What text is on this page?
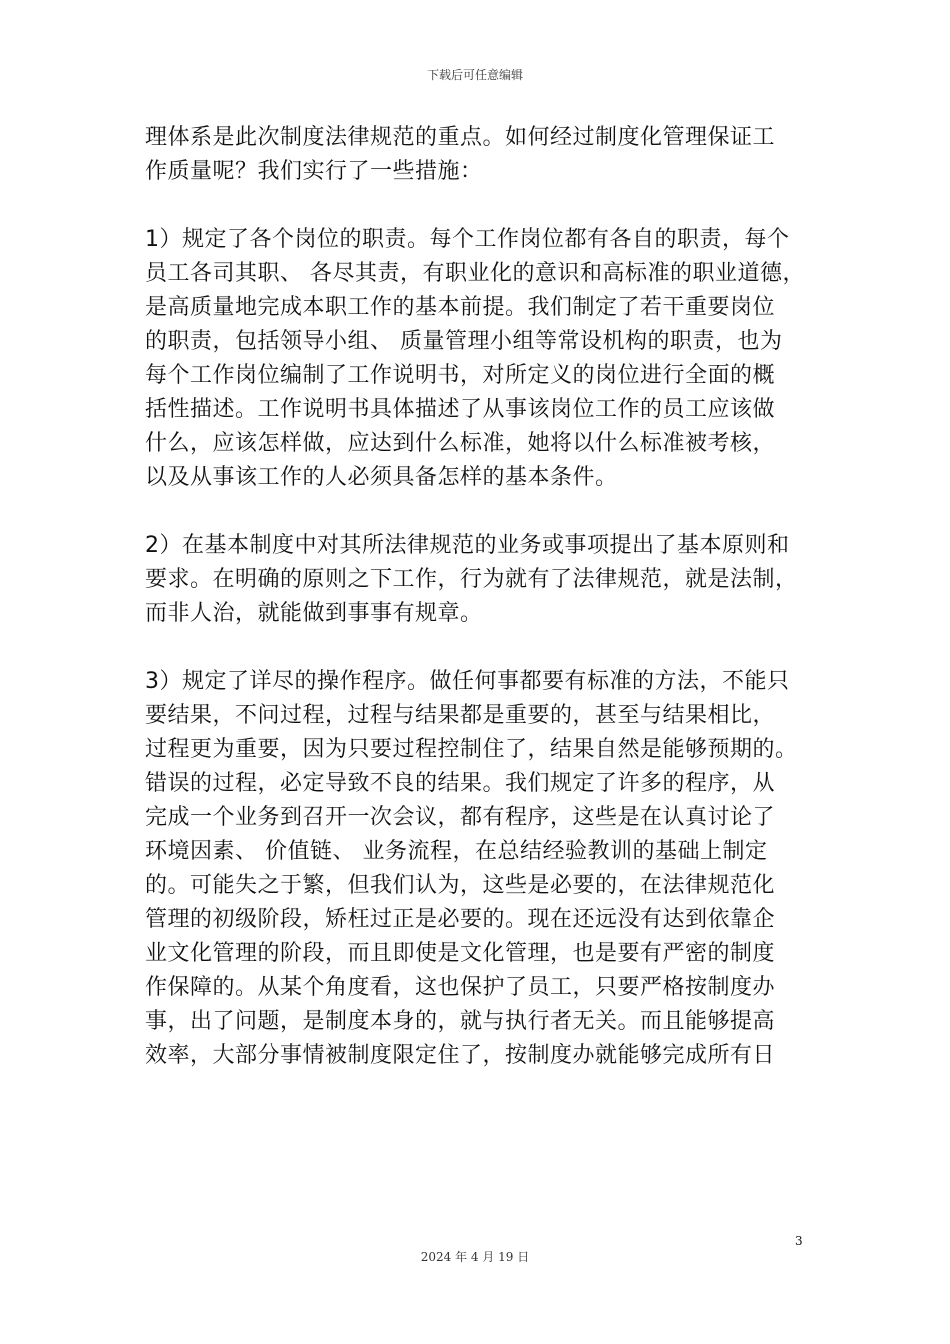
下载后可任意编辑
理体系是此次制度法律规范的重点。如何经过制度化管理保证工
作质量呢？我们实行了一些措施：
1）规定了各个岗位的职责。每个工作岗位都有各自的职责，每个
员工各司其职、 各尽其责，有职业化的意识和高标准的职业道德，
是高质量地完成本职工作的基本前提。我们制定了若干重要岗位
的职责，包括领导小组、 质量管理小组等常设机构的职责，也为
每个工作岗位编制了工作说明书，对所定义的岗位进行全面的概
括性描述。工作说明书具体描述了从事该岗位工作的员工应该做
什么，应该怎样做，应达到什么标准，她将以什么标准被考核，
以及从事该工作的人必须具备怎样的基本条件。
2）在基本制度中对其所法律规范的业务或事项提出了基本原则和
要求。在明确的原则之下工作，行为就有了法律规范，就是法制，
而非人治，就能做到事事有规章。
3）规定了详尽的操作程序。做任何事都要有标准的方法，不能只
要结果，不问过程，过程与结果都是重要的，甚至与结果相比，
过程更为重要，因为只要过程控制住了，结果自然是能够预期的。
错误的过程，必定导致不良的结果。我们规定了许多的程序，从
完成一个业务到召开一次会议，都有程序，这些是在认真讨论了
环境因素、 价值链、 业务流程，在总结经验教训的基础上制定
的。可能失之于繁，但我们认为，这些是必要的，在法律规范化
管理的初级阶段，矫枉过正是必要的。现在还远没有达到依靠企
业文化管理的阶段，而且即使是文化管理，也是要有严密的制度
作保障的。从某个角度看，这也保护了员工，只要严格按制度办
事，出了问题，是制度本身的，就与执行者无关。而且能够提高
效率，大部分事情被制度限定住了，按制度办就能够完成所有日
3
2024 年 4 月 19 日
